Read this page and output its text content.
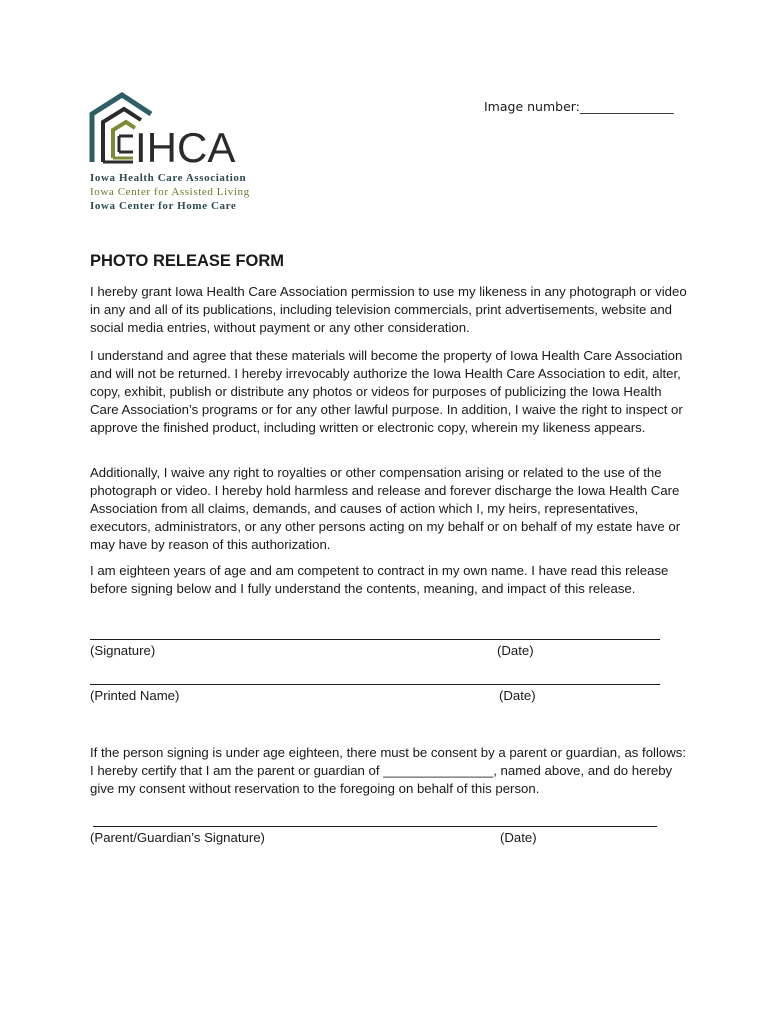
IHCA
Iowa Health Care Association
Iowa Center for Assisted Living
Iowa Center for Home Care
Image number:_______________
PHOTO RELEASE FORM

I hereby grant Iowa Health Care Association permission to use my likeness in any photograph or video in any and all of its publications, including television commercials, print advertisements, website and social media entries, without payment or any other consideration.

I understand and agree that these materials will become the property of Iowa Health Care Association and will not be returned. I hereby irrevocably authorize the Iowa Health Care Association to edit, alter, copy, exhibit, publish or distribute any photos or videos for purposes of publicizing the Iowa Health Care Association’s programs or for any other lawful purpose. In addition, I waive the right to inspect or approve the finished product, including written or electronic copy, wherein my likeness appears.

Additionally, I waive any right to royalties or other compensation arising or related to the use of the photograph or video. I hereby hold harmless and release and forever discharge the Iowa Health Care Association from all claims, demands, and causes of action which I, my heirs, representatives, executors, administrators, or any other persons acting on my behalf or on behalf of my estate have or may have by reason of this authorization.

I am eighteen years of age and am competent to contract in my own name. I have read this release before signing below and I fully understand the contents, meaning, and impact of this release.

(Signature)	(Date)
(Printed Name)	(Date)

If the person signing is under age eighteen, there must be consent by a parent or guardian, as follows: I hereby certify that I am the parent or guardian of _______________, named above, and do hereby give my consent without reservation to the foregoing on behalf of this person.

(Parent/Guardian’s Signature)	(Date)
